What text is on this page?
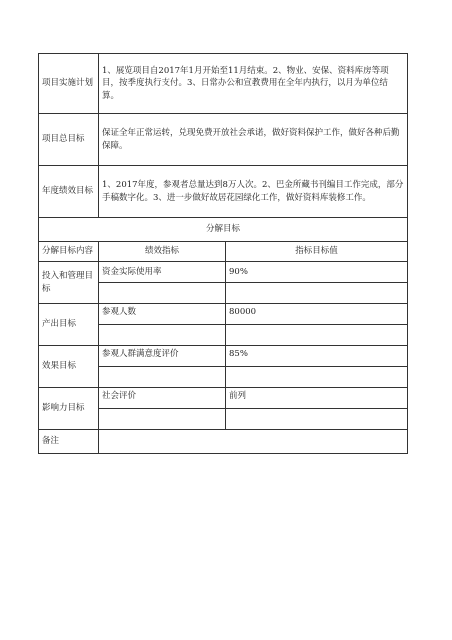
项目实施计划	1、展览项目自2017年1月开始至11月结束。2、物业、安保、资料库房等项目，按季度执行支付。3、日常办公和宣教费用在全年内执行，以月为单位结算。	
项目总目标	保证全年正常运转，兑现免费开放社会承诺，做好资料保护工作，做好各种后勤保障。	
年度绩效目标	1、2017年度，参观者总量达到8万人次。2、巴金所藏书刊编目工作完成，部分手稿数字化。3、进一步做好故居花园绿化工作，做好资料库装修工作。	
分解目标		
分解目标内容	绩效指标	指标目标值
投入和管理目标	资金实际使用率	90%

产出目标	参观人数	80000

效果目标	参观人群满意度评价	85%

影响力目标	社会评价	前列

备注		
